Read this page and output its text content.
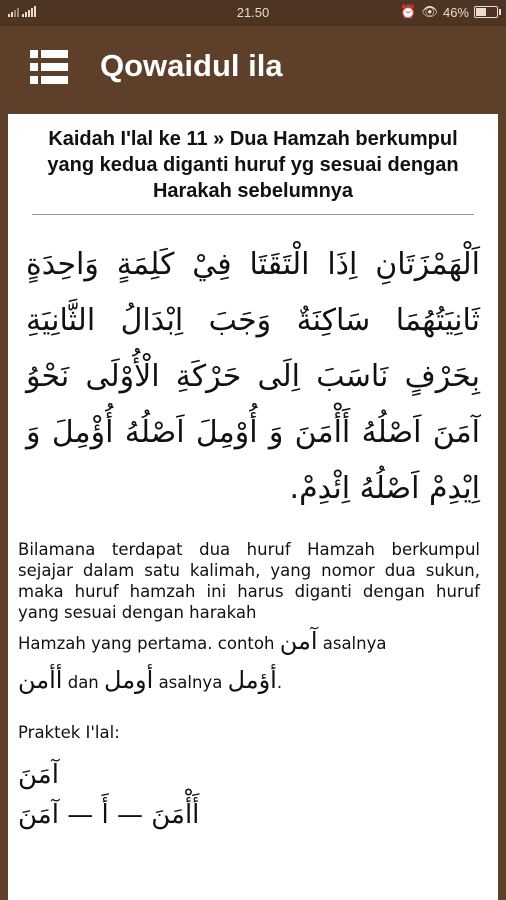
21.50	⏰ 👁 46%
Qowaidul ila
Kaidah I'lal ke 11 » Dua Hamzah berkumpul yang kedua diganti huruf yg sesuai dengan Harakah sebelumnya
اَلْهَمْزَتَانِ اِذَا الْتَقَتَا فِيْ كَلِمَةٍ وَاحِدَةٍ ثَانِيَتُهُمَا سَاكِنَةٌ وَجَبَ اِبْدَالُ الثَّانِيَةِ بِحَرْفٍ نَاسَبَ اِلَى حَرْكَةِ الْأُوْلَى نَحْوُ آمَنَ اَصْلُهُ أَأْمَنَ وَ أُوْمِلَ اَصْلُهُ أُؤْمِلَ وَ اِيْدِمْ اَصْلُهُ اِئْدِمْ.
Bilamana terdapat dua huruf Hamzah berkumpul sejajar dalam satu kalimah, yang nomor dua sukun, maka huruf hamzah ini harus diganti dengan huruf yang sesuai dengan harakah
Hamzah yang pertama. contoh آمن asalnya
أأمن dan أومل asalnya أؤمل.
Praktek I'lal:
آمَنَ
أَأْمَنَ — أَ — آمَنَ
